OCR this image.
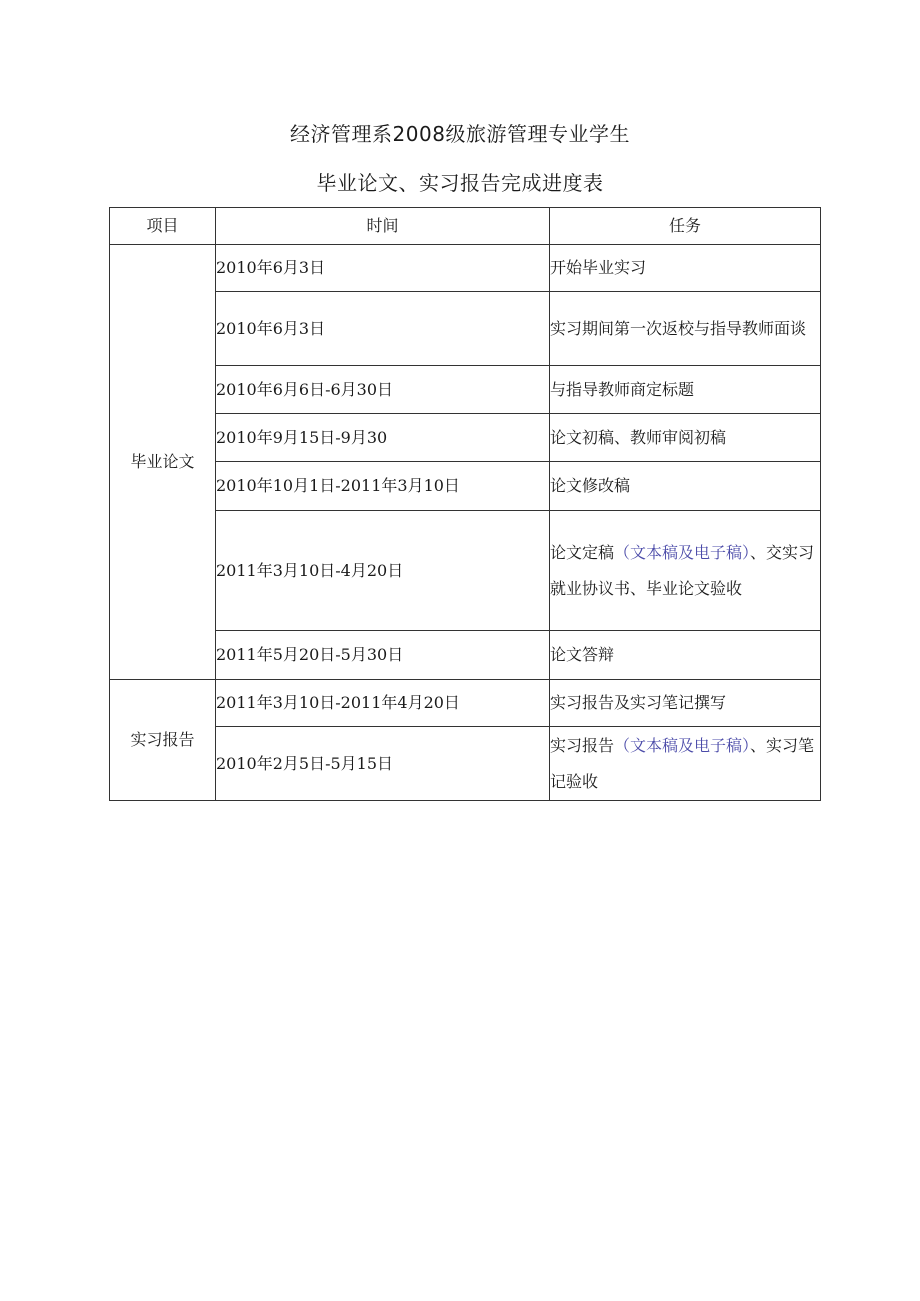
经济管理系2008级旅游管理专业学生
毕业论文、实习报告完成进度表
项目	时间	任务
毕业论文	2010年6月3日	开始毕业实习
	2010年6月3日	实习期间第一次返校与指导教师面谈
	2010年6月6日-6月30日	与指导教师商定标题
	2010年9月15日-9月30	论文初稿、教师审阅初稿
	2010年10月1日-2011年3月10日	论文修改稿
	2011年3月10日-4月20日	论文定稿（文本稿及电子稿）、交实习就业协议书、毕业论文验收
	2011年5月20日-5月30日	论文答辩
实习报告	2011年3月10日-2011年4月20日	实习报告及实习笔记撰写
	2010年2月5日-5月15日	实习报告（文本稿及电子稿）、实习笔记验收
